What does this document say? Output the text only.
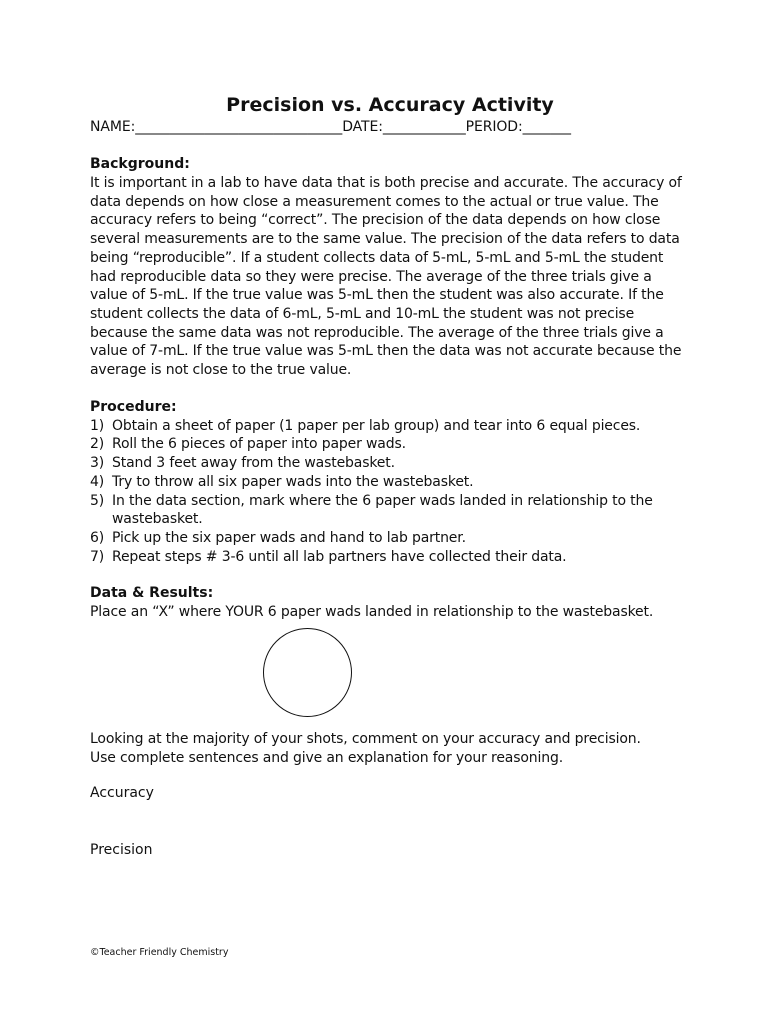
Precision vs. Accuracy Activity

NAME:______________________________DATE:____________PERIOD:_______

Background:

It is important in a lab to have data that is both precise and accurate. The accuracy of data depends on how close a measurement comes to the actual or true value. The accuracy refers to being “correct”. The precision of the data depends on how close several measurements are to the same value. The precision of the data refers to data being “reproducible”. If a student collects data of 5-mL, 5-mL and 5-mL the student had reproducible data so they were precise. The average of the three trials give a value of 5-mL. If the true value was 5-mL then the student was also accurate. If the student collects the data of 6-mL, 5-mL and 10-mL the student was not precise because the same data was not reproducible. The average of the three trials give a value of 7-mL. If the true value was 5-mL then the data was not accurate because the average is not close to the true value.

Procedure:
1) Obtain a sheet of paper (1 paper per lab group) and tear into 6 equal pieces.
2) Roll the 6 pieces of paper into paper wads.
3) Stand 3 feet away from the wastebasket.
4) Try to throw all six paper wads into the wastebasket.
5) In the data section, mark where the 6 paper wads landed in relationship to the wastebasket.
6) Pick up the six paper wads and hand to lab partner.
7) Repeat steps # 3-6 until all lab partners have collected their data.
Data & Results:

Place an “X” where YOUR 6 paper wads landed in relationship to the wastebasket.

Looking at the majority of your shots, comment on your accuracy and precision.

Use complete sentences and give an explanation for your reasoning.

Accuracy

Precision

©Teacher Friendly Chemistry
